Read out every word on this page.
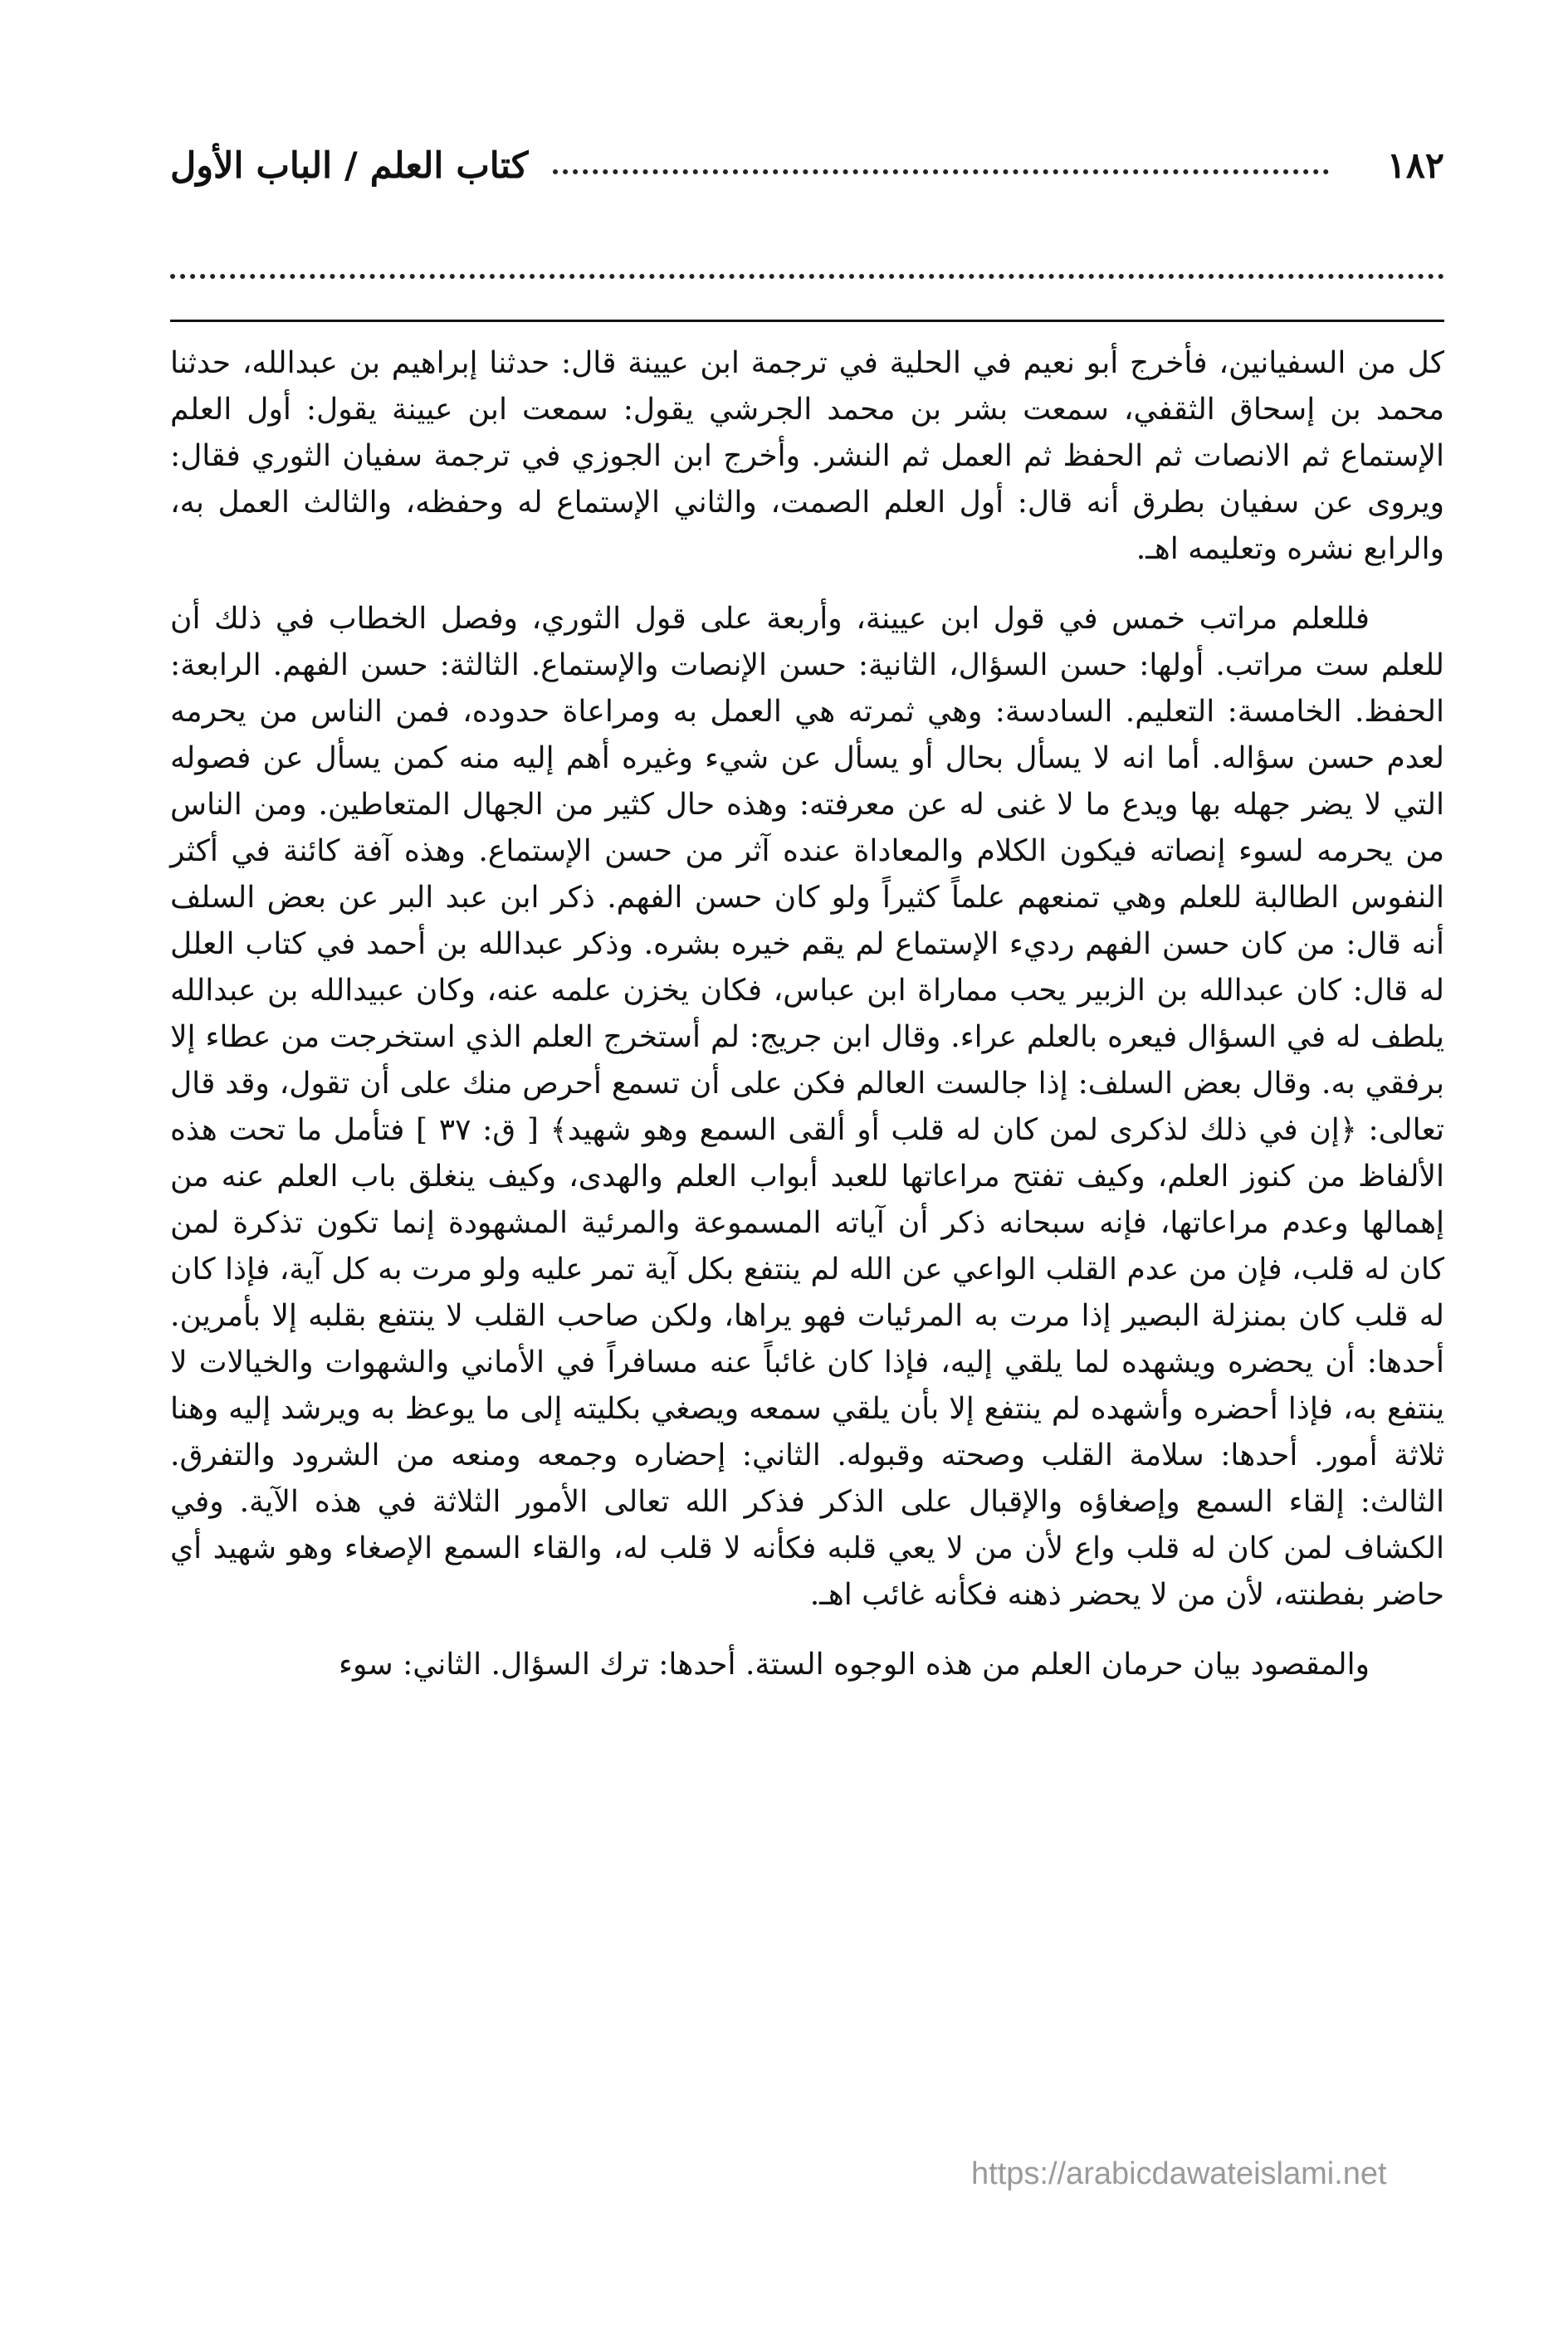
١٨٢
كتاب العلم / الباب الأول

كل من السفيانين، فأخرج أبو نعيم في الحلية في ترجمة ابن عيينة قال: حدثنا إبراهيم بن عبدالله، حدثنا محمد بن إسحاق الثقفي، سمعت بشر بن محمد الجرشي يقول: سمعت ابن عيينة يقول: أول العلم الإستماع ثم الانصات ثم الحفظ ثم العمل ثم النشر. وأخرج ابن الجوزي في ترجمة سفيان الثوري فقال: ويروى عن سفيان بطرق أنه قال: أول العلم الصمت، والثاني الإستماع له وحفظه، والثالث العمل به، والرابع نشره وتعليمه اهـ.

فللعلم مراتب خمس في قول ابن عيينة، وأربعة على قول الثوري، وفصل الخطاب في ذلك أن للعلم ست مراتب. أولها: حسن السؤال، الثانية: حسن الإنصات والإستماع. الثالثة: حسن الفهم. الرابعة: الحفظ. الخامسة: التعليم. السادسة: وهي ثمرته هي العمل به ومراعاة حدوده، فمن الناس من يحرمه لعدم حسن سؤاله. أما انه لا يسأل بحال أو يسأل عن شيء وغيره أهم إليه منه كمن يسأل عن فصوله التي لا يضر جهله بها ويدع ما لا غنى له عن معرفته: وهذه حال كثير من الجهال المتعاطين. ومن الناس من يحرمه لسوء إنصاته فيكون الكلام والمعاداة عنده آثر من حسن الإستماع. وهذه آفة كائنة في أكثر النفوس الطالبة للعلم وهي تمنعهم علماً كثيراً ولو كان حسن الفهم. ذكر ابن عبد البر عن بعض السلف أنه قال: من كان حسن الفهم رديء الإستماع لم يقم خيره بشره. وذكر عبدالله بن أحمد في كتاب العلل له قال: كان عبدالله بن الزبير يحب مماراة ابن عباس، فكان يخزن علمه عنه، وكان عبيدالله بن عبدالله يلطف له في السؤال فيعره بالعلم عراء. وقال ابن جريج: لم أستخرج العلم الذي استخرجت من عطاء إلا برفقي به. وقال بعض السلف: إذا جالست العالم فكن على أن تسمع أحرص منك على أن تقول، وقد قال تعالى: ﴿إن في ذلك لذكرى لمن كان له قلب أو ألقى السمع وهو شهيد﴾ [ ق: ٣٧ ] فتأمل ما تحت هذه الألفاظ من كنوز العلم، وكيف تفتح مراعاتها للعبد أبواب العلم والهدى، وكيف ينغلق باب العلم عنه من إهمالها وعدم مراعاتها، فإنه سبحانه ذكر أن آياته المسموعة والمرئية المشهودة إنما تكون تذكرة لمن كان له قلب، فإن من عدم القلب الواعي عن الله لم ينتفع بكل آية تمر عليه ولو مرت به كل آية، فإذا كان له قلب كان بمنزلة البصير إذا مرت به المرئيات فهو يراها، ولكن صاحب القلب لا ينتفع بقلبه إلا بأمرين. أحدها: أن يحضره ويشهده لما يلقي إليه، فإذا كان غائباً عنه مسافراً في الأماني والشهوات والخيالات لا ينتفع به، فإذا أحضره وأشهده لم ينتفع إلا بأن يلقي سمعه ويصغي بكليته إلى ما يوعظ به ويرشد إليه وهنا ثلاثة أمور. أحدها: سلامة القلب وصحته وقبوله. الثاني: إحضاره وجمعه ومنعه من الشرود والتفرق. الثالث: إلقاء السمع وإصغاؤه والإقبال على الذكر فذكر الله تعالى الأمور الثلاثة في هذه الآية. وفي الكشاف لمن كان له قلب واع لأن من لا يعي قلبه فكأنه لا قلب له، والقاء السمع الإصغاء وهو شهيد أي حاضر بفطنته، لأن من لا يحضر ذهنه فكأنه غائب اهـ.

والمقصود بيان حرمان العلم من هذه الوجوه الستة. أحدها: ترك السؤال. الثاني: سوء

https://arabicdawateislami.net
